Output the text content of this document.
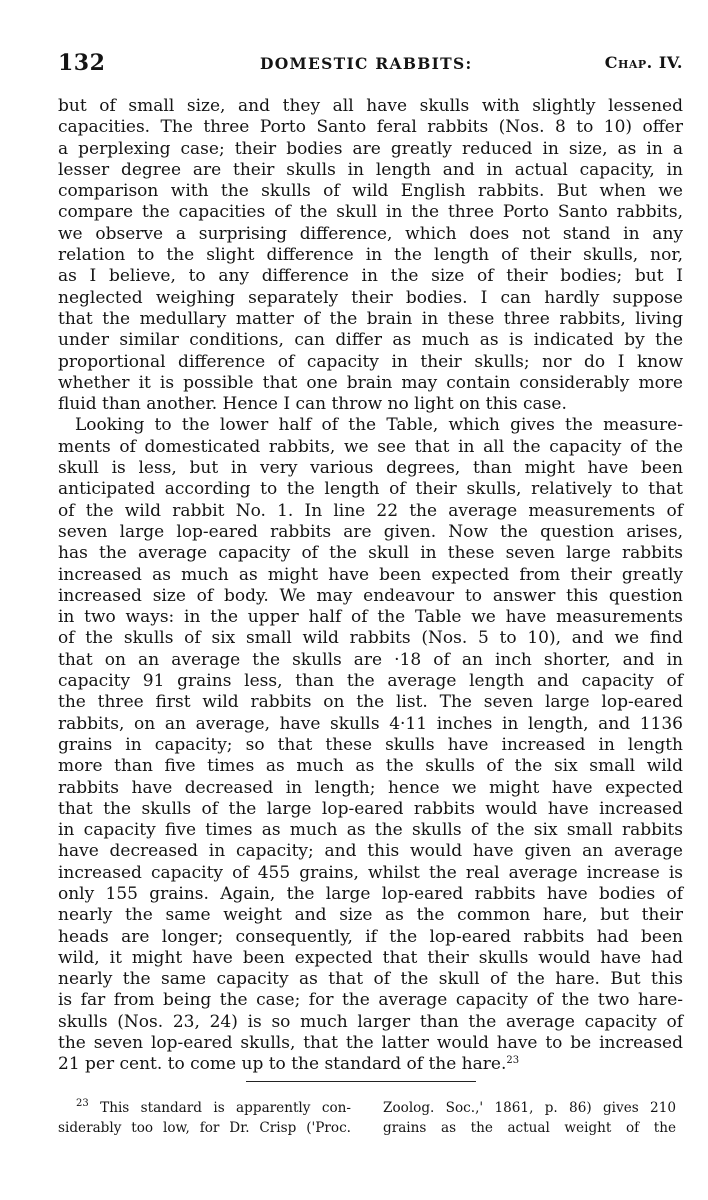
132	DOMESTIC RABBITS:	Chap. IV.

but of small size, and they all have skulls with slightly lessened
capacities. The three Porto Santo feral rabbits (Nos. 8 to 10) offer
a perplexing case; their bodies are greatly reduced in size, as in a
lesser degree are their skulls in length and in actual capacity, in
comparison with the skulls of wild English rabbits. But when we
compare the capacities of the skull in the three Porto Santo rabbits,
we observe a surprising difference, which does not stand in any
relation to the slight difference in the length of their skulls, nor,
as I believe, to any difference in the size of their bodies; but I
neglected weighing separately their bodies. I can hardly suppose
that the medullary matter of the brain in these three rabbits, living
under similar conditions, can differ as much as is indicated by the
proportional difference of capacity in their skulls; nor do I know
whether it is possible that one brain may contain considerably more
fluid than another. Hence I can throw no light on this case.

Looking to the lower half of the Table, which gives the measure-
ments of domesticated rabbits, we see that in all the capacity of the
skull is less, but in very various degrees, than might have been
anticipated according to the length of their skulls, relatively to that
of the wild rabbit No. 1. In line 22 the average measurements of
seven large lop-eared rabbits are given. Now the question arises,
has the average capacity of the skull in these seven large rabbits
increased as much as might have been expected from their greatly
increased size of body. We may endeavour to answer this question
in two ways: in the upper half of the Table we have measurements
of the skulls of six small wild rabbits (Nos. 5 to 10), and we find
that on an average the skulls are ·18 of an inch shorter, and in
capacity 91 grains less, than the average length and capacity of
the three first wild rabbits on the list. The seven large lop-eared
rabbits, on an average, have skulls 4·11 inches in length, and 1136
grains in capacity; so that these skulls have increased in length
more than five times as much as the skulls of the six small wild
rabbits have decreased in length; hence we might have expected
that the skulls of the large lop-eared rabbits would have increased
in capacity five times as much as the skulls of the six small rabbits
have decreased in capacity; and this would have given an average
increased capacity of 455 grains, whilst the real average increase is
only 155 grains. Again, the large lop-eared rabbits have bodies of
nearly the same weight and size as the common hare, but their
heads are longer; consequently, if the lop-eared rabbits had been
wild, it might have been expected that their skulls would have had
nearly the same capacity as that of the skull of the hare. But this
is far from being the case; for the average capacity of the two hare-
skulls (Nos. 23, 24) is so much larger than the average capacity of
the seven lop-eared skulls, that the latter would have to be increased
21 per cent. to come up to the standard of the hare.$^{23}$

$^{23}$ This standard is apparently con-
siderably too low, for Dr. Crisp ('Proc.
Zoolog. Soc.,' 1861, p. 86) gives 210
grains as the actual weight of the
